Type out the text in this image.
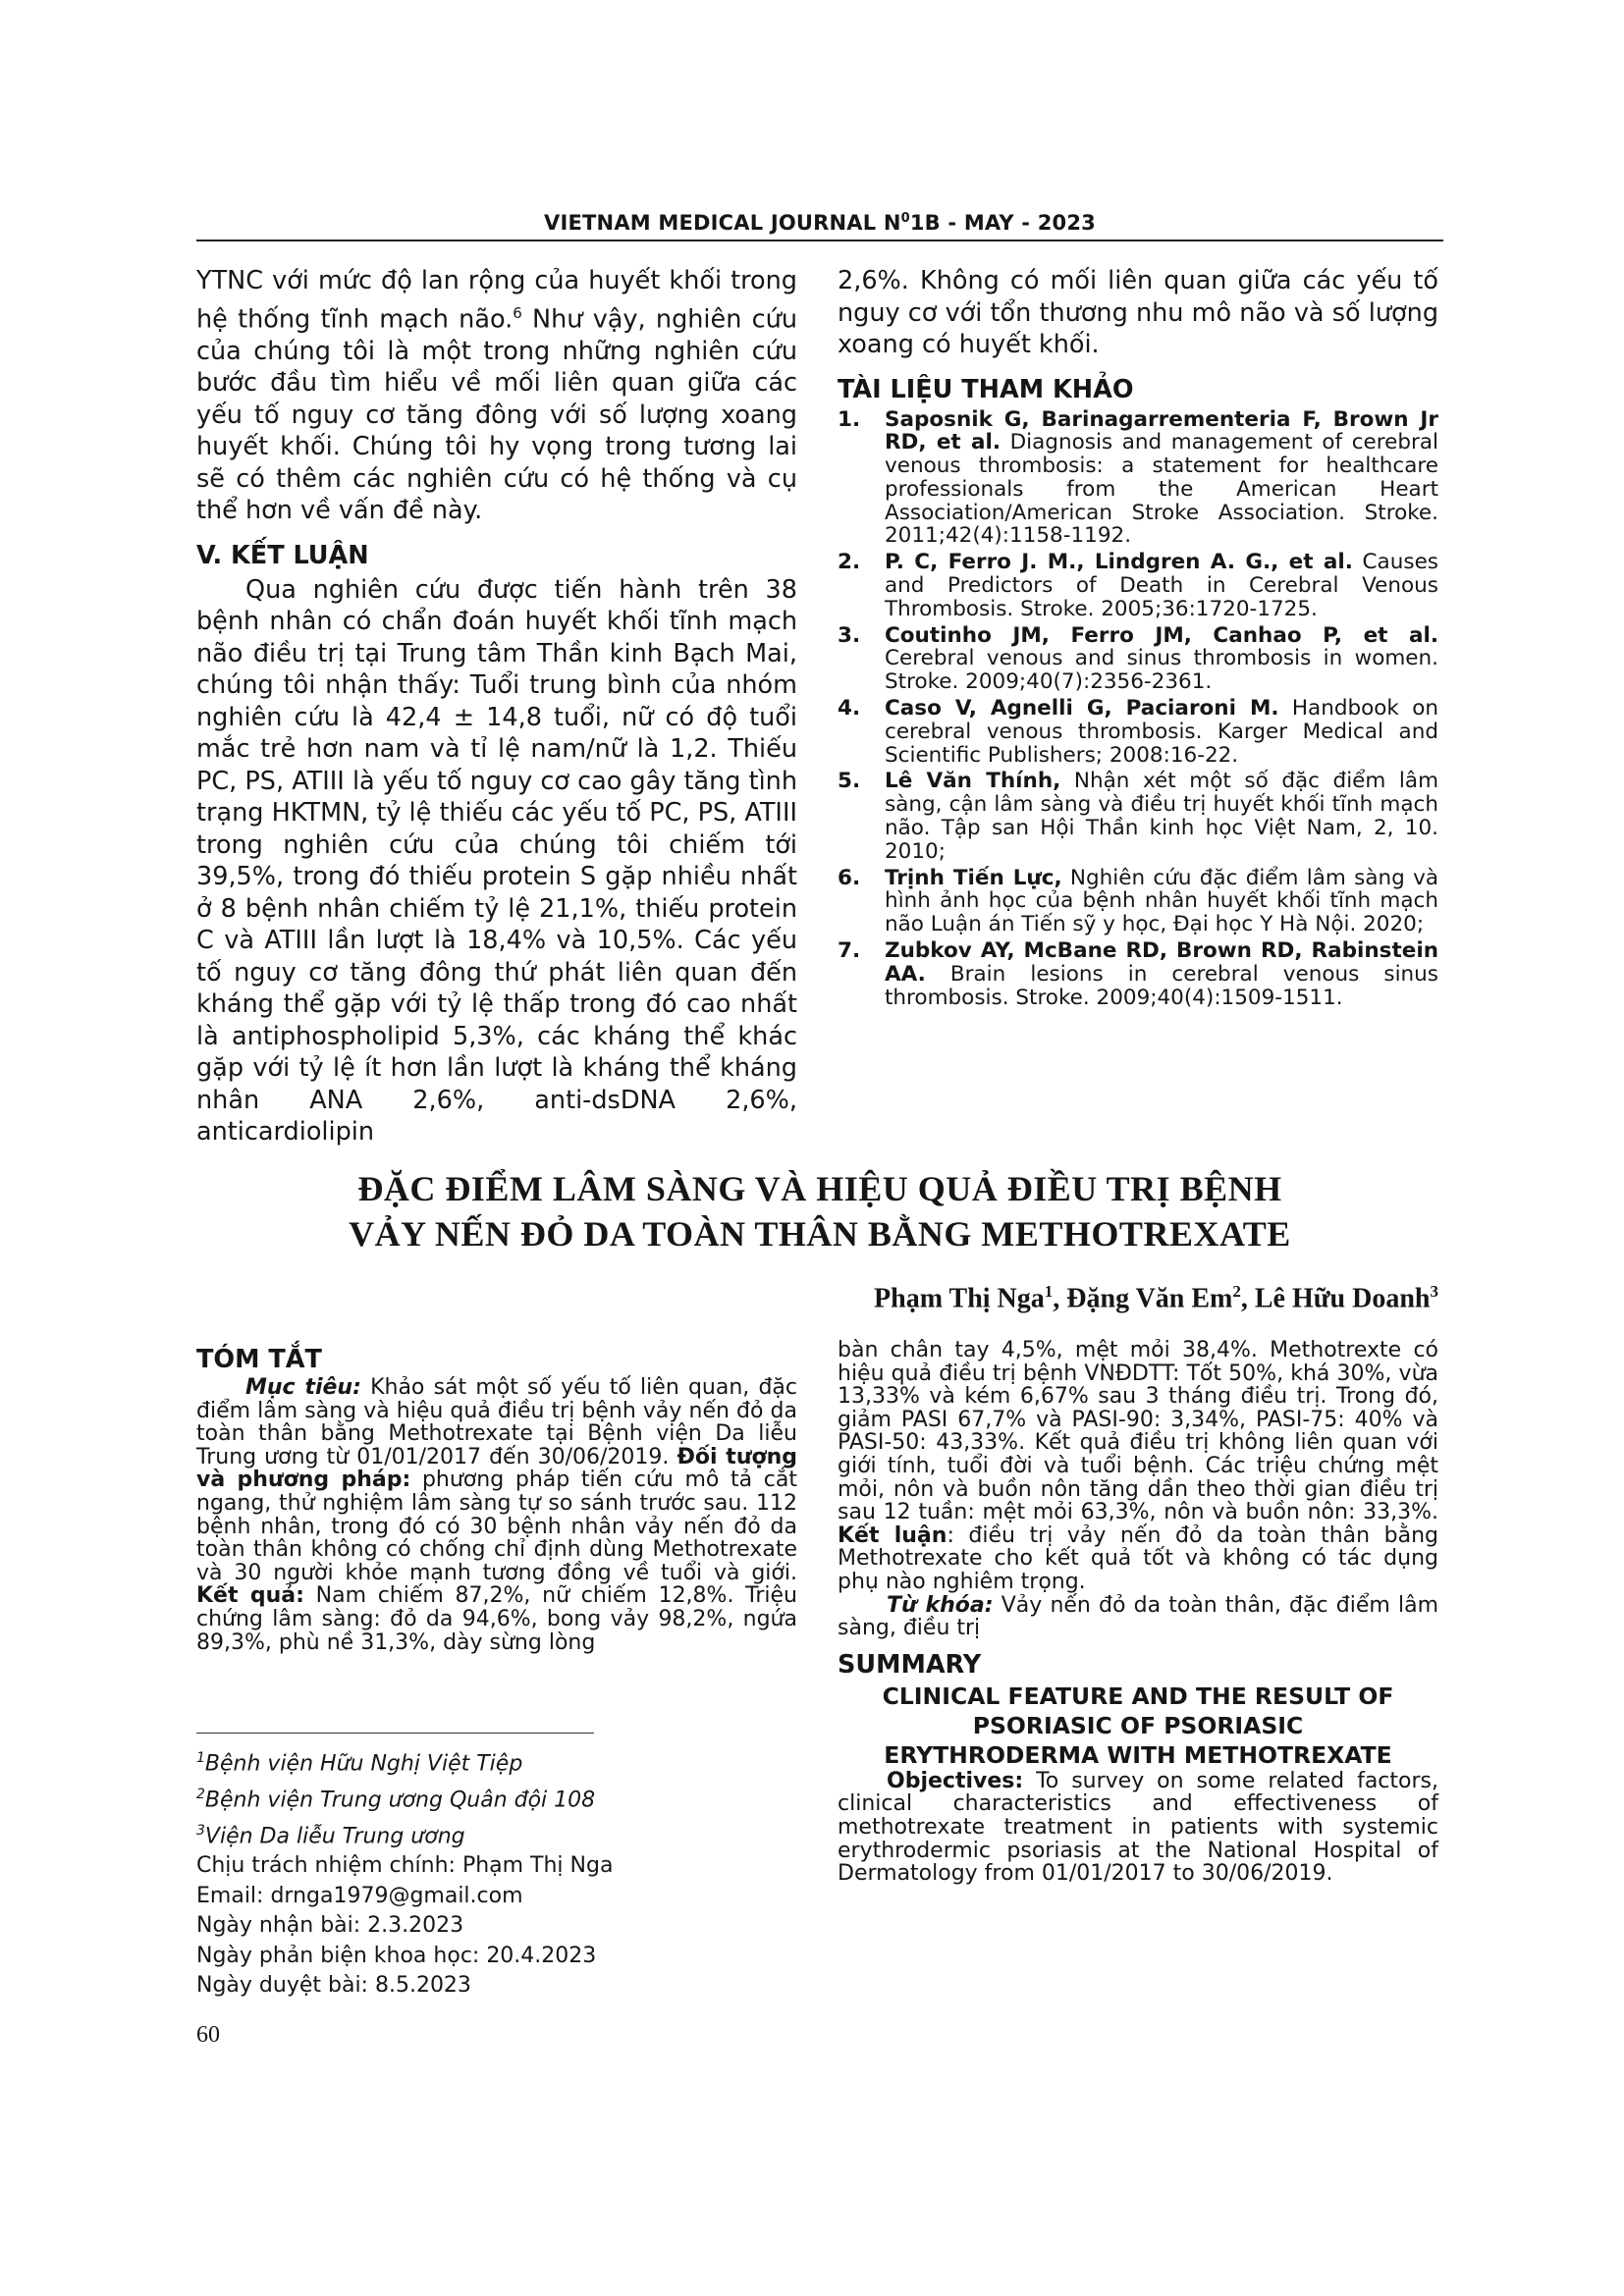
VIETNAM MEDICAL JOURNAL $N^01B$ - MAY - 2023

YTNC với mức độ lan rộng của huyết khối trong hệ thống tĩnh mạch não.$^6$ Như vậy, nghiên cứu của chúng tôi là một trong những nghiên cứu bước đầu tìm hiểu về mối liên quan giữa các yếu tố nguy cơ tăng đông với số lượng xoang huyết khối. Chúng tôi hy vọng trong tương lai sẽ có thêm các nghiên cứu có hệ thống và cụ thể hơn về vấn đề này.

V. KẾT LUẬN

Qua nghiên cứu được tiến hành trên 38 bệnh nhân có chẩn đoán huyết khối tĩnh mạch não điều trị tại Trung tâm Thần kinh Bạch Mai, chúng tôi nhận thấy: Tuổi trung bình của nhóm nghiên cứu là 42,4 ± 14,8 tuổi, nữ có độ tuổi mắc trẻ hơn nam và tỉ lệ nam/nữ là 1,2. Thiếu PC, PS, ATIII là yếu tố nguy cơ cao gây tăng tình trạng HKTMN, tỷ lệ thiếu các yếu tố PC, PS, ATIII trong nghiên cứu của chúng tôi chiếm tới 39,5%, trong đó thiếu protein S gặp nhiều nhất ở 8 bệnh nhân chiếm tỷ lệ 21,1%, thiếu protein C và ATIII lần lượt là 18,4% và 10,5%. Các yếu tố nguy cơ tăng đông thứ phát liên quan đến kháng thể gặp với tỷ lệ thấp trong đó cao nhất là antiphospholipid 5,3%, các kháng thể khác gặp với tỷ lệ ít hơn lần lượt là kháng thể kháng nhân ANA 2,6%, anti-dsDNA 2,6%, anticardiolipin

2,6%. Không có mối liên quan giữa các yếu tố nguy cơ với tổn thương nhu mô não và số lượng xoang có huyết khối.

TÀI LIỆU THAM KHẢO

1. Saposnik G, Barinagarrementeria F, Brown Jr RD, et al. Diagnosis and management of cerebral venous thrombosis: a statement for healthcare professionals from the American Heart Association/American Stroke Association. Stroke. 2011;42(4):1158-1192.
2. P. C, Ferro J. M., Lindgren A. G., et al. Causes and Predictors of Death in Cerebral Venous Thrombosis. Stroke. 2005;36:1720-1725.
3. Coutinho JM, Ferro JM, Canhao P, et al. Cerebral venous and sinus thrombosis in women. Stroke. 2009;40(7):2356-2361.
4. Caso V, Agnelli G, Paciaroni M. Handbook on cerebral venous thrombosis. Karger Medical and Scientific Publishers; 2008:16-22.
5. Lê Văn Thính, Nhận xét một số đặc điểm lâm sàng, cận lâm sàng và điều trị huyết khối tĩnh mạch não. Tập san Hội Thần kinh học Việt Nam, 2, 10. 2010;
6. Trịnh Tiến Lực, Nghiên cứu đặc điểm lâm sàng và hình ảnh học của bệnh nhân huyết khối tĩnh mạch não Luận án Tiến sỹ y học, Đại học Y Hà Nội. 2020;
7. Zubkov AY, McBane RD, Brown RD, Rabinstein AA. Brain lesions in cerebral venous sinus thrombosis. Stroke. 2009;40(4):1509-1511.
ĐẶC ĐIỂM LÂM SÀNG VÀ HIỆU QUẢ ĐIỀU TRỊ BỆNH
VẢY NẾN ĐỎ DA TOÀN THÂN BẰNG METHOTREXATE
Phạm Thị Nga$^1$, Đặng Văn Em$^2$, Lê Hữu Doanh$^3$

TÓM TẮT

Mục tiêu: Khảo sát một số yếu tố liên quan, đặc điểm lâm sàng và hiệu quả điều trị bệnh vảy nến đỏ da toàn thân bằng Methotrexate tại Bệnh viện Da liễu Trung ương từ 01/01/2017 đến 30/06/2019. Đối tượng và phương pháp: phương pháp tiến cứu mô tả cắt ngang, thử nghiệm lâm sàng tự so sánh trước sau. 112 bệnh nhân, trong đó có 30 bệnh nhân vảy nến đỏ da toàn thân không có chống chỉ định dùng Methotrexate và 30 người khỏe mạnh tương đồng về tuổi và giới. Kết quả: Nam chiếm 87,2%, nữ chiếm 12,8%. Triệu chứng lâm sàng: đỏ da 94,6%, bong vảy 98,2%, ngứa 89,3%, phù nề 31,3%, dày sừng lòng

$^1$Bệnh viện Hữu Nghị Việt Tiệp
$^2$Bệnh viện Trung ương Quân đội 108
$^3$Viện Da liễu Trung ương
Chịu trách nhiệm chính: Phạm Thị Nga
Email: drnga1979@gmail.com
Ngày nhận bài: 2.3.2023
Ngày phản biện khoa học: 20.4.2023
Ngày duyệt bài: 8.5.2023

bàn chân tay 4,5%, mệt mỏi 38,4%. Methotrexte có hiệu quả điều trị bệnh VNĐDTT: Tốt 50%, khá 30%, vừa 13,33% và kém 6,67% sau 3 tháng điều trị. Trong đó, giảm PASI 67,7% và PASI-90: 3,34%, PASI-75: 40% và PASI-50: 43,33%. Kết quả điều trị không liên quan với giới tính, tuổi đời và tuổi bệnh. Các triệu chứng mệt mỏi, nôn và buồn nôn tăng dần theo thời gian điều trị sau 12 tuần: mệt mỏi 63,3%, nôn và buồn nôn: 33,3%. Kết luận: điều trị vảy nến đỏ da toàn thân bằng Methotrexate cho kết quả tốt và không có tác dụng phụ nào nghiêm trọng.

Từ khóa: Vảy nến đỏ da toàn thân, đặc điểm lâm sàng, điều trị

SUMMARY

CLINICAL FEATURE AND THE RESULT OF
PSORIASIC OF PSORIASIC
ERYTHRODERMA WITH METHOTREXATE

Objectives: To survey on some related factors, clinical characteristics and effectiveness of methotrexate treatment in patients with systemic erythrodermic psoriasis at the National Hospital of Dermatology from 01/01/2017 to 30/06/2019.

60
